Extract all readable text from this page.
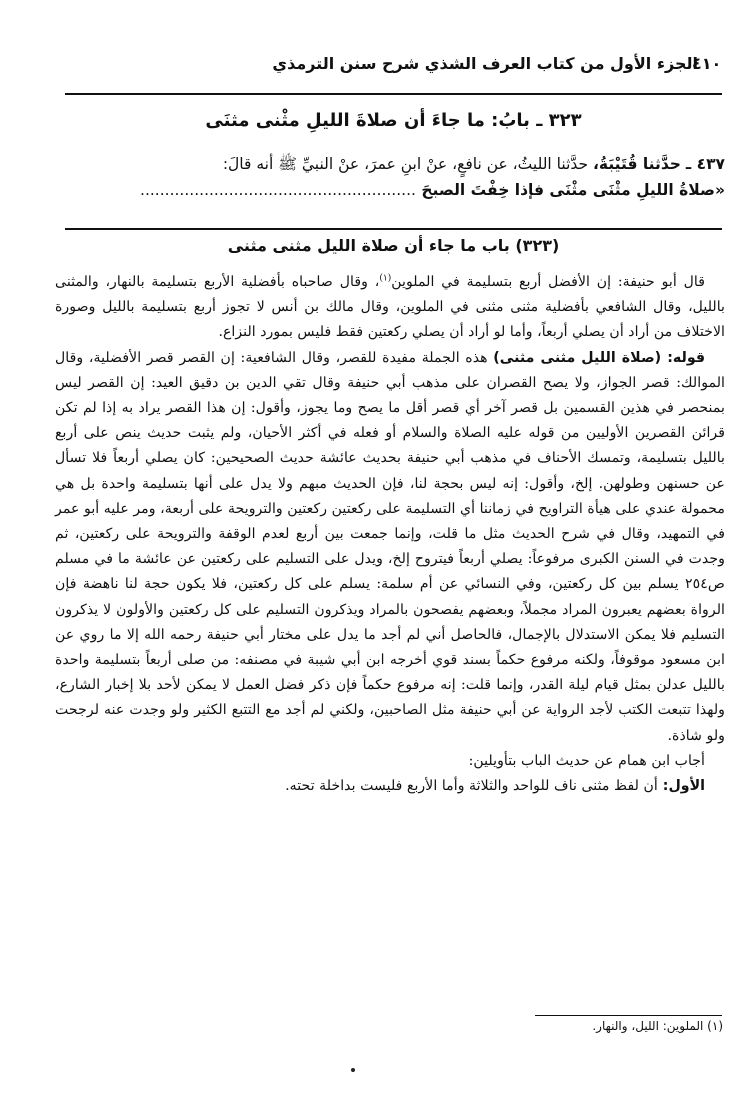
الجزء الأول من كتاب العرف الشذي شرح سنن الترمذي
٤١٠
٣٢٣ ـ بابُ: ما جاءَ أن صلاةَ الليلِ مثْنى مثنَى
٤٣٧ ـ حدَّثنا قُتَيْبَةُ، حدَّثنا الليثُ، عن نافعٍ، عنْ ابنِ عمرَ، عنْ النبيِّ ﷺ أنه قالَ:
«صلاةُ الليلِ مثْنَى مثْنَى فإذا خِفْتَ الصبحَ ........................................................
(٣٢٣) باب ما جاء أن صلاة الليل مثنى مثنى

قال أبو حنيفة: إن الأفضل أربع بتسليمة في الملوين$^{(١)}$، وقال صاحباه بأفضلية الأربع بتسليمة بالنهار، والمثنى بالليل، وقال الشافعي بأفضلية مثنى مثنى في الملوين، وقال مالك بن أنس لا تجوز أربع بتسليمة بالليل وصورة الاختلاف من أراد أن يصلي أربعاً، وأما لو أراد أن يصلي ركعتين فقط فليس بمورد النزاع.

قوله: (صلاة الليل مثنى مثنى) هذه الجملة مفيدة للقصر، وقال الشافعية: إن القصر قصر الأفضلية، وقال الموالك: قصر الجواز، ولا يصح القصران على مذهب أبي حنيفة وقال تقي الدين بن دقيق العيد: إن القصر ليس بمنحصر في هذين القسمين بل قصر آخر أي قصر أقل ما يصح وما يجوز، وأقول: إن هذا القصر يراد به إذا لم تكن قرائن القصرين الأوليين من قوله عليه الصلاة والسلام أو فعله في أكثر الأحيان، ولم يثبت حديث ينص على أربع بالليل بتسليمة، وتمسك الأحناف في مذهب أبي حنيفة بحديث عائشة حديث الصحيحين: كان يصلي أربعاً فلا تسأل عن حسنهن وطولهن. إلخ، وأقول: إنه ليس بحجة لنا، فإن الحديث مبهم ولا يدل على أنها بتسليمة واحدة بل هي محمولة عندي على هيأة التراويح في زماننا أي التسليمة على ركعتين ركعتين والترويحة على أربعة، ومر عليه أبو عمر في التمهيد، وقال في شرح الحديث مثل ما قلت، وإنما جمعت بين أربع لعدم الوقفة والترويحة على ركعتين، ثم وجدت في السنن الكبرى مرفوعاً: يصلي أربعاً فيتروح إلخ، ويدل على التسليم على ركعتين عن عائشة ما في مسلم ص٢٥٤ يسلم بين كل ركعتين، وفي النسائي عن أم سلمة: يسلم على كل ركعتين، فلا يكون حجة لنا ناهضة فإن الرواة بعضهم يعبرون المراد مجملاً، وبعضهم يفصحون بالمراد ويذكرون التسليم على كل ركعتين والأولون لا يذكرون التسليم فلا يمكن الاستدلال بالإجمال، فالحاصل أني لم أجد ما يدل على مختار أبي حنيفة رحمه الله إلا ما روي عن ابن مسعود موقوفاً، ولكنه مرفوع حكماً بسند قوي أخرجه ابن أبي شيبة في مصنفه: من صلى أربعاً بتسليمة واحدة بالليل عدلن بمثل قيام ليلة القدر، وإنما قلت: إنه مرفوع حكماً فإن ذكر فضل العمل لا يمكن لأحد بلا إخبار الشارع، ولهذا تتبعت الكتب لأجد الرواية عن أبي حنيفة مثل الصاحبين، ولكني لم أجد مع التتبع الكثير ولو وجدت عنه لرجحت ولو شاذة.

أجاب ابن همام عن حديث الباب بتأويلين:

الأول: أن لفظ مثنى ناف للواحد والثلاثة وأما الأربع فليست بداخلة تحته.

(١) الملوين: الليل، والنهار.
